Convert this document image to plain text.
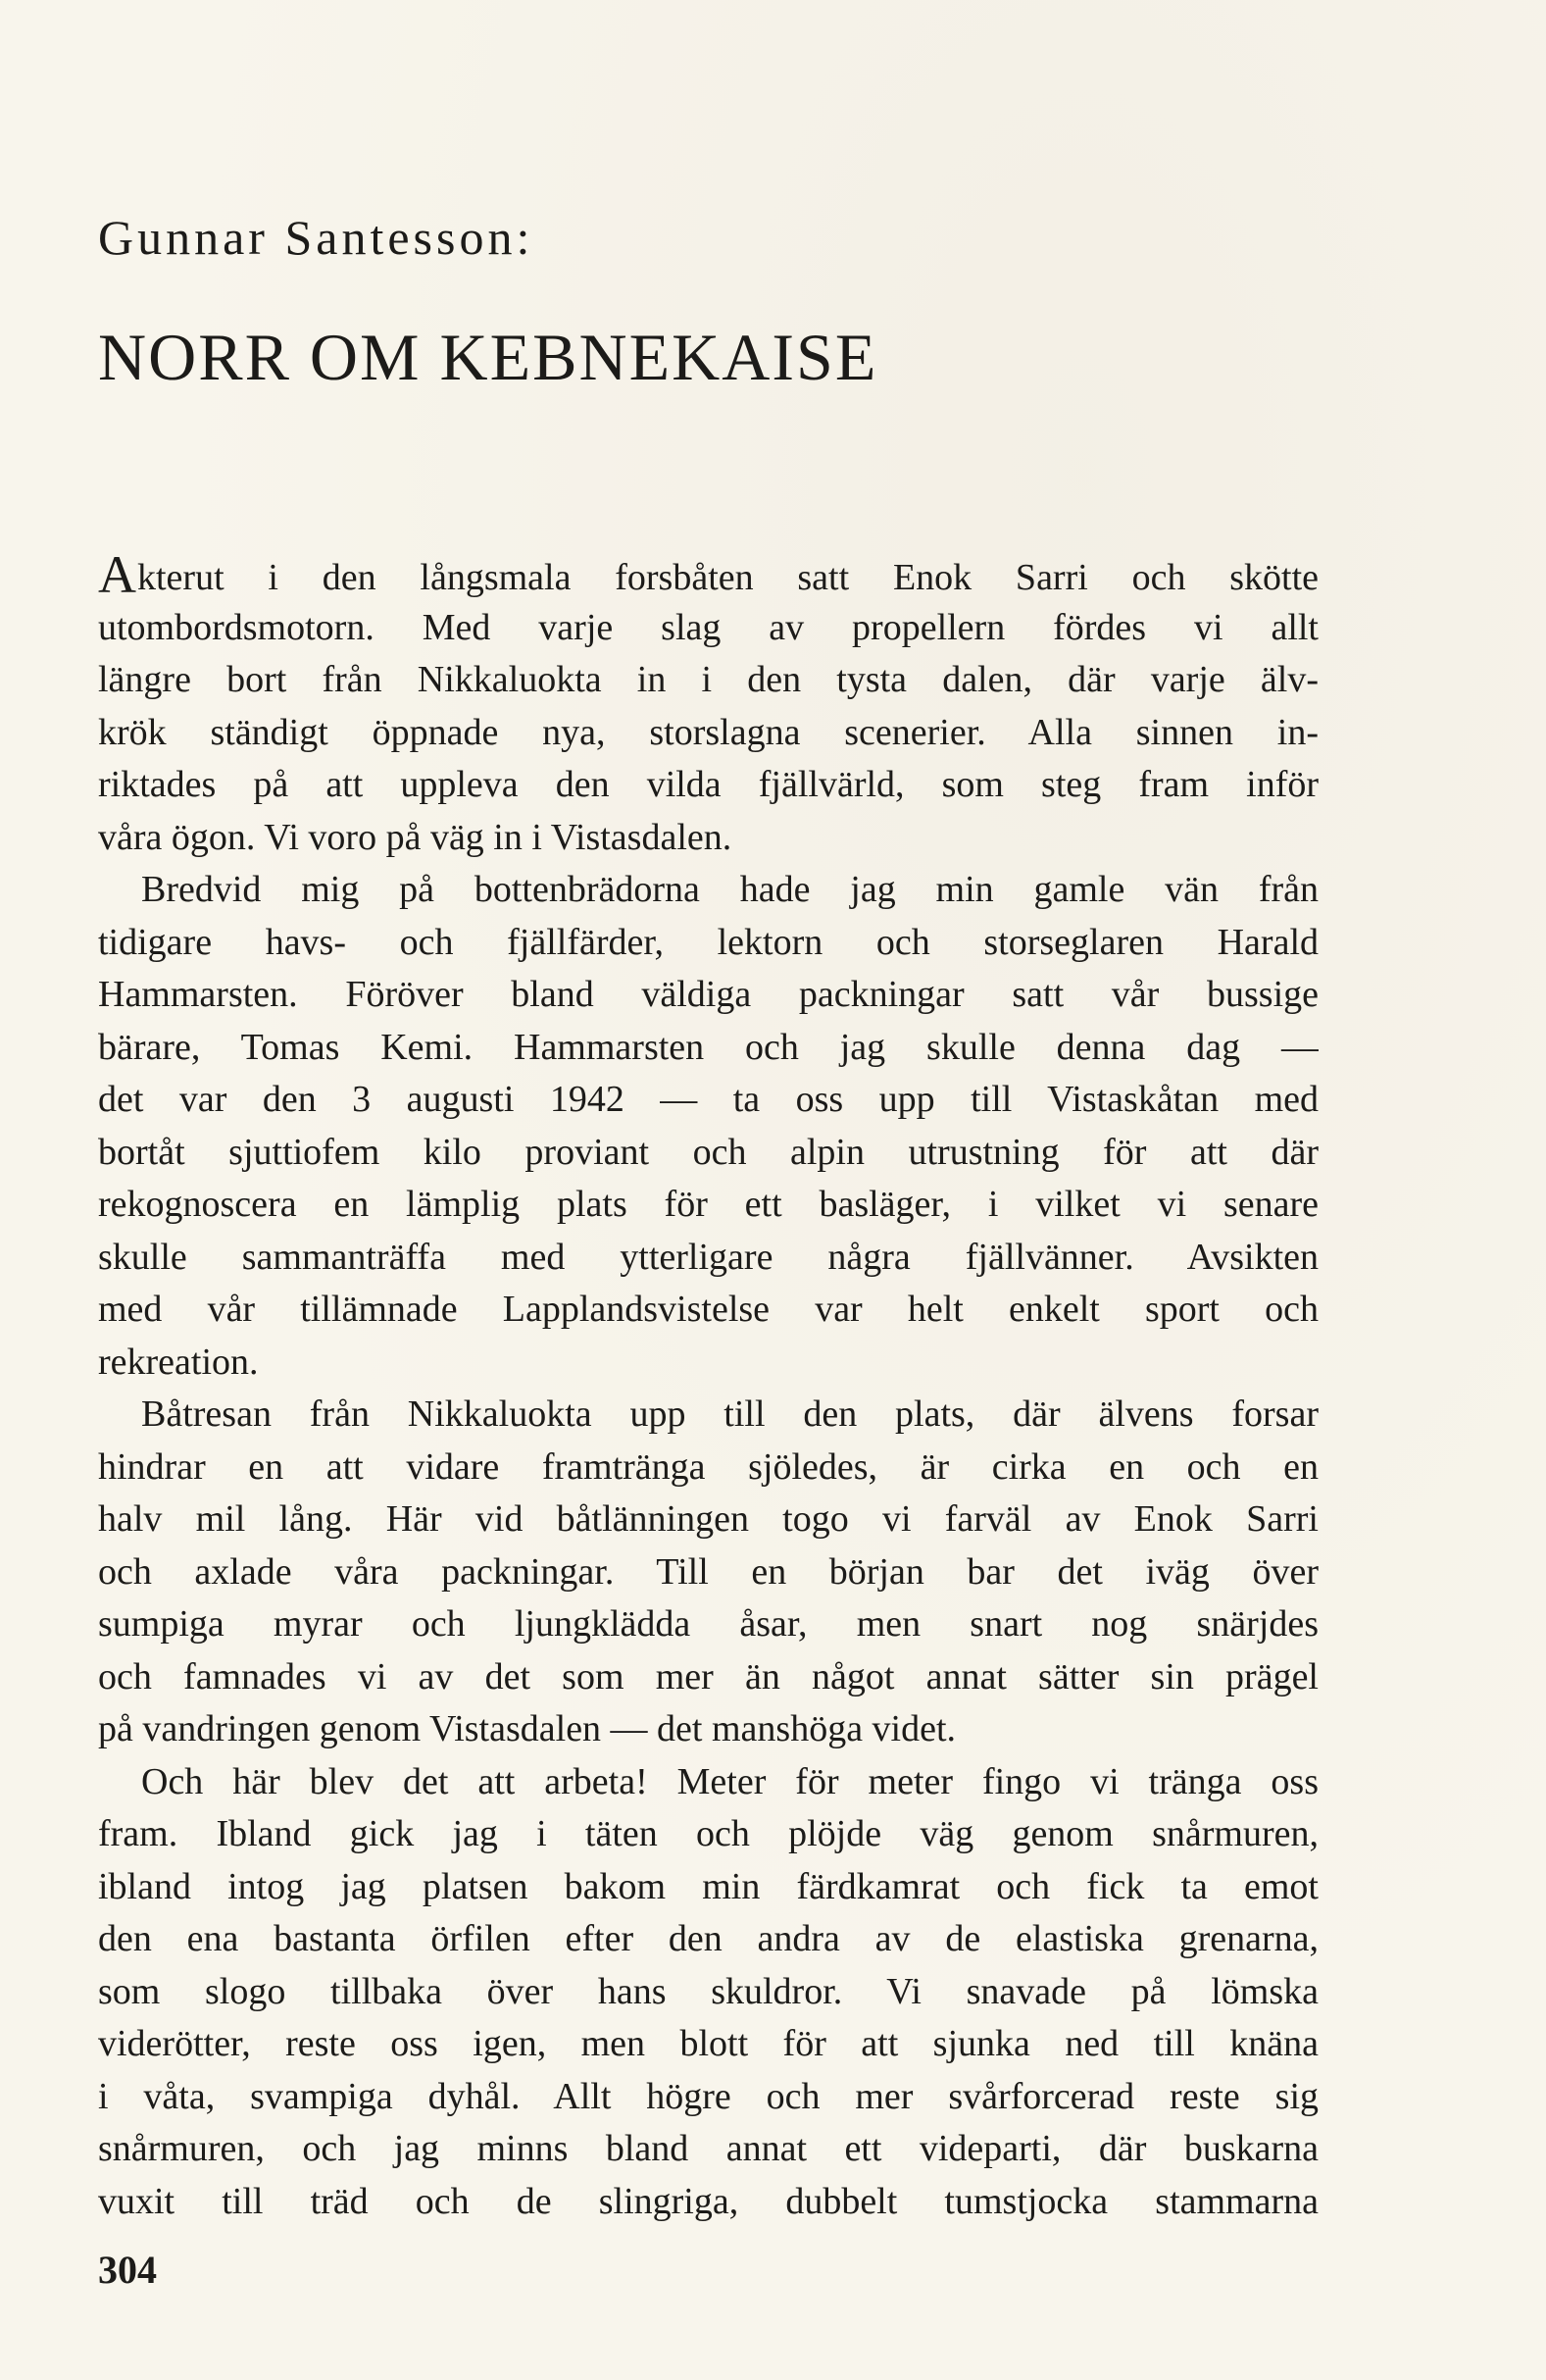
Gunnar Santesson:
NORR OM KEBNEKAISE
Akterut i den långsmala forsbåten satt Enok Sarri och skötte
utombordsmotorn. Med varje slag av propellern fördes vi allt
längre bort från Nikkaluokta in i den tysta dalen, där varje älv-
krök ständigt öppnade nya, storslagna scenerier. Alla sinnen in-
riktades på att uppleva den vilda fjällvärld, som steg fram inför
våra ögon. Vi voro på väg in i Vistasdalen.
Bredvid mig på bottenbrädorna hade jag min gamle vän från
tidigare havs- och fjällfärder, lektorn och storseglaren Harald
Hammarsten. Föröver bland väldiga packningar satt vår bussige
bärare, Tomas Kemi. Hammarsten och jag skulle denna dag —
det var den 3 augusti 1942 — ta oss upp till Vistaskåtan med
bortåt sjuttiofem kilo proviant och alpin utrustning för att där
rekognoscera en lämplig plats för ett basläger, i vilket vi senare
skulle sammanträffa med ytterligare några fjällvänner. Avsikten
med vår tillämnade Lapplandsvistelse var helt enkelt sport och
rekreation.
Båtresan från Nikkaluokta upp till den plats, där älvens forsar
hindrar en att vidare framtränga sjöledes, är cirka en och en
halv mil lång. Här vid båtlänningen togo vi farväl av Enok Sarri
och axlade våra packningar. Till en början bar det iväg över
sumpiga myrar och ljungklädda åsar, men snart nog snärjdes
och famnades vi av det som mer än något annat sätter sin prägel
på vandringen genom Vistasdalen — det manshöga videt.
Och här blev det att arbeta! Meter för meter fingo vi tränga oss
fram. Ibland gick jag i täten och plöjde väg genom snårmuren,
ibland intog jag platsen bakom min färdkamrat och fick ta emot
den ena bastanta örfilen efter den andra av de elastiska grenarna,
som slogo tillbaka över hans skuldror. Vi snavade på lömska
viderötter, reste oss igen, men blott för att sjunka ned till knäna
i våta, svampiga dyhål. Allt högre och mer svårforcerad reste sig
snårmuren, och jag minns bland annat ett videparti, där buskarna
vuxit till träd och de slingriga, dubbelt tumstjocka stammarna
304
